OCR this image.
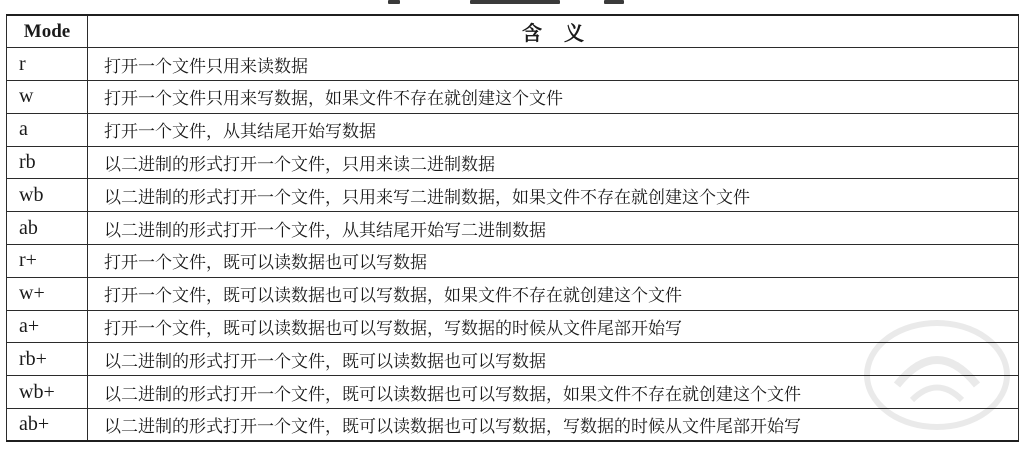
Mode	含义
r	打开一个文件只用来读数据
w	打开一个文件只用来写数据，如果文件不存在就创建这个文件
a	打开一个文件，从其结尾开始写数据
rb	以二进制的形式打开一个文件，只用来读二进制数据
wb	以二进制的形式打开一个文件，只用来写二进制数据，如果文件不存在就创建这个文件
ab	以二进制的形式打开一个文件，从其结尾开始写二进制数据
r+	打开一个文件，既可以读数据也可以写数据
w+	打开一个文件，既可以读数据也可以写数据，如果文件不存在就创建这个文件
a+	打开一个文件，既可以读数据也可以写数据，写数据的时候从文件尾部开始写
rb+	以二进制的形式打开一个文件，既可以读数据也可以写数据
wb+	以二进制的形式打开一个文件，既可以读数据也可以写数据，如果文件不存在就创建这个文件
ab+	以二进制的形式打开一个文件，既可以读数据也可以写数据，写数据的时候从文件尾部开始写
